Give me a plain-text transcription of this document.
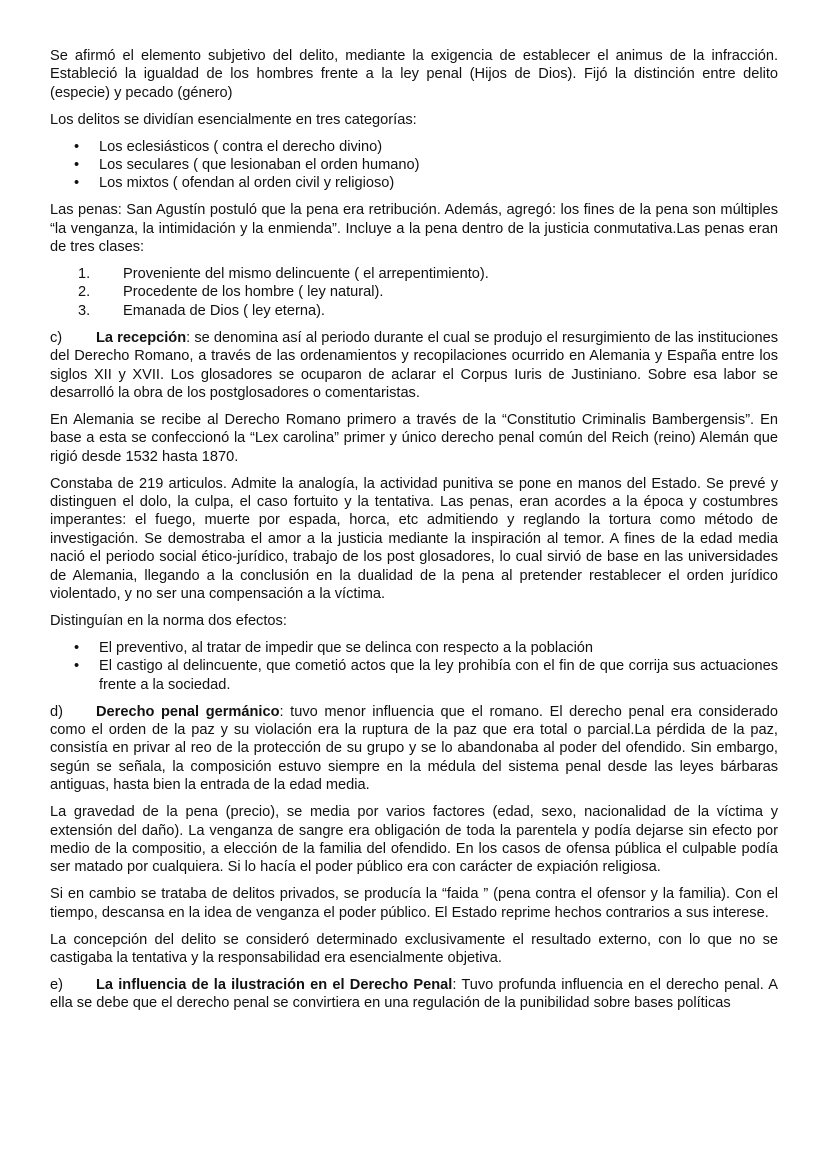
Se afirmó el elemento subjetivo del delito, mediante la exigencia de establecer el animus de la infracción. Estableció la igualdad de los hombres frente a la ley penal (Hijos de Dios). Fijó la distinción entre delito (especie) y pecado (género)

Los delitos se dividían esencialmente en tres categorías:

• Los eclesiásticos ( contra el derecho divino)
• Los seculares ( que lesionaban el orden humano)
• Los mixtos ( ofendan al orden civil y religioso)

Las penas: San Agustín postuló que la pena era retribución. Además, agregó: los fines de la pena son múltiples “la venganza, la intimidación y la enmienda”. Incluye a la pena dentro de la justicia conmutativa.Las penas eran de tres clases:

1. Proveniente del mismo delincuente ( el arrepentimiento).
2. Procedente de los hombre ( ley natural).
3. Emanada de Dios ( ley eterna).

c) La recepción: se denomina así al periodo durante el cual se produjo el resurgimiento de las instituciones del Derecho Romano, a través de las ordenamientos y recopilaciones ocurrido en Alemania y España entre los siglos XII y XVII. Los glosadores se ocuparon de aclarar el Corpus Iuris de Justiniano. Sobre esa labor se desarrolló la obra de los postglosadores o comentaristas.

En Alemania se recibe al Derecho Romano primero a través de la “Constitutio Criminalis Bambergensis”. En base a esta se confeccionó la “Lex carolina” primer y único derecho penal común del Reich (reino) Alemán que rigió desde 1532 hasta 1870.

Constaba de 219 articulos. Admite la analogía, la actividad punitiva se pone en manos del Estado. Se prevé y distinguen el dolo, la culpa, el caso fortuito y la tentativa. Las penas, eran acordes a la época y costumbres imperantes: el fuego, muerte por espada, horca, etc admitiendo y reglando la tortura como método de investigación. Se demostraba el amor a la justicia mediante la inspiración al temor. A fines de la edad media nació el periodo social ético-jurídico, trabajo de los post glosadores, lo cual sirvió de base en las universidades de Alemania, llegando a la conclusión en la dualidad de la pena al pretender restablecer el orden jurídico violentado, y no ser una compensación a la víctima.

Distinguían en la norma dos efectos:

• El preventivo, al tratar de impedir que se delinca con respecto a la población
• El castigo al delincuente, que cometió actos que la ley prohibía con el fin de que corrija sus actuaciones frente a la sociedad.

d) Derecho penal germánico: tuvo menor influencia que el romano. El derecho penal era considerado como el orden de la paz y su violación era la ruptura de la paz que era total o parcial.La pérdida de la paz, consistía en privar al reo de la protección de su grupo y se lo abandonaba al poder del ofendido. Sin embargo, según se señala, la composición estuvo siempre en la médula del sistema penal desde las leyes bárbaras antiguas, hasta bien la entrada de la edad media.

La gravedad de la pena (precio), se media por varios factores (edad, sexo, nacionalidad de la víctima y extensión del daño). La venganza de sangre era obligación de toda la parentela y podía dejarse sin efecto por medio de la compositio, a elección de la familia del ofendido. En los casos de ofensa pública el culpable podía ser matado por cualquiera. Si lo hacía el poder público era con carácter de expiación religiosa.

Si en cambio se trataba de delitos privados, se producía la “faida ” (pena contra el ofensor y la familia). Con el tiempo, descansa en la idea de venganza el poder público. El Estado reprime hechos contrarios a sus interese.

La concepción del delito se consideró determinado exclusivamente el resultado externo, con lo que no se castigaba la tentativa y la responsabilidad era esencialmente objetiva.

e) La influencia de la ilustración en el Derecho Penal: Tuvo profunda influencia en el derecho penal. A ella se debe que el derecho penal se convirtiera en una regulación de la punibilidad sobre bases políticas
